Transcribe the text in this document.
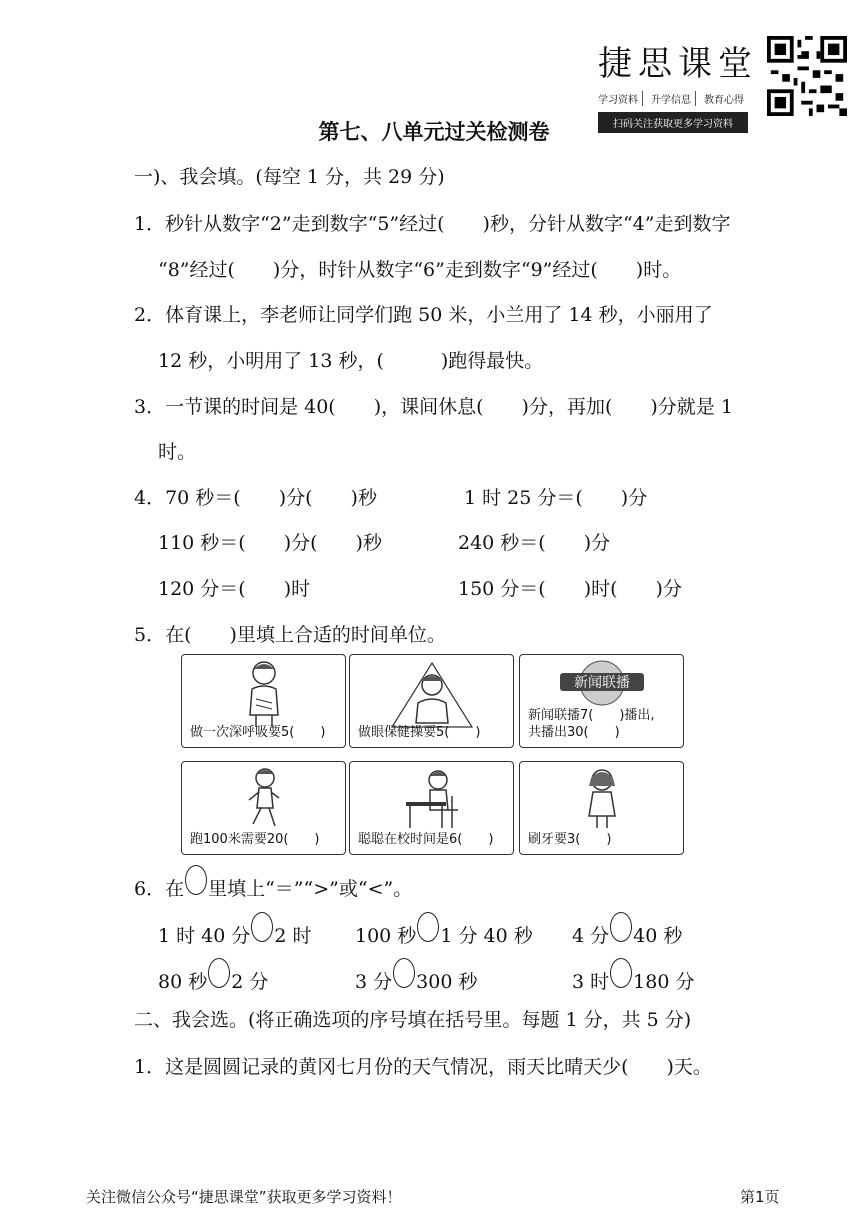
捷思课堂
学习资料	升学信息	教育心得
扫码关注获取更多学习资料
第七、八单元过关检测卷
一)、我会填。(每空 1 分，共 29 分)
1．秒针从数字“2”走到数字“5”经过(　　)秒，分针从数字“4”走到数字
“8”经过(　　)分，时针从数字“6”走到数字“9”经过(　　)时。
2．体育课上，李老师让同学们跑 50 米，小兰用了 14 秒，小丽用了
12 秒，小明用了 13 秒，(　　　)跑得最快。
3．一节课的时间是 40(　　)，课间休息(　　)分，再加(　　)分就是 1
时。
4．70 秒＝(　　)分(　　)秒	1 时 25 分＝(　　)分
110 秒＝(　　)分(　　)秒	240 秒＝(　　)分
120 分＝(　　)时	150 分＝(　　)时(　　)分
5．在(　　)里填上合适的时间单位。
做一次深呼吸要5(　　)	做眼保健操要5(　　)
新闻联播
新闻联播7(　　)播出,
共播出30(　　)
跑100米需要20(　　)	聪聪在校时间是6(　　)	刷牙要3(　　)
6．在 里填上“＝”“>”或“<”。
1 时 40 分 2 时 100 秒 1 分 40 秒 4 分 40 秒
80 秒 2 分	3 分 300 秒	3 时 180 分
二、我会选。(将正确选项的序号填在括号里。每题 1 分，共 5 分)
1．这是圆圆记录的黄冈七月份的天气情况，雨天比晴天少(　　)天。
关注微信公众号“捷思课堂”获取更多学习资料！	第1页
